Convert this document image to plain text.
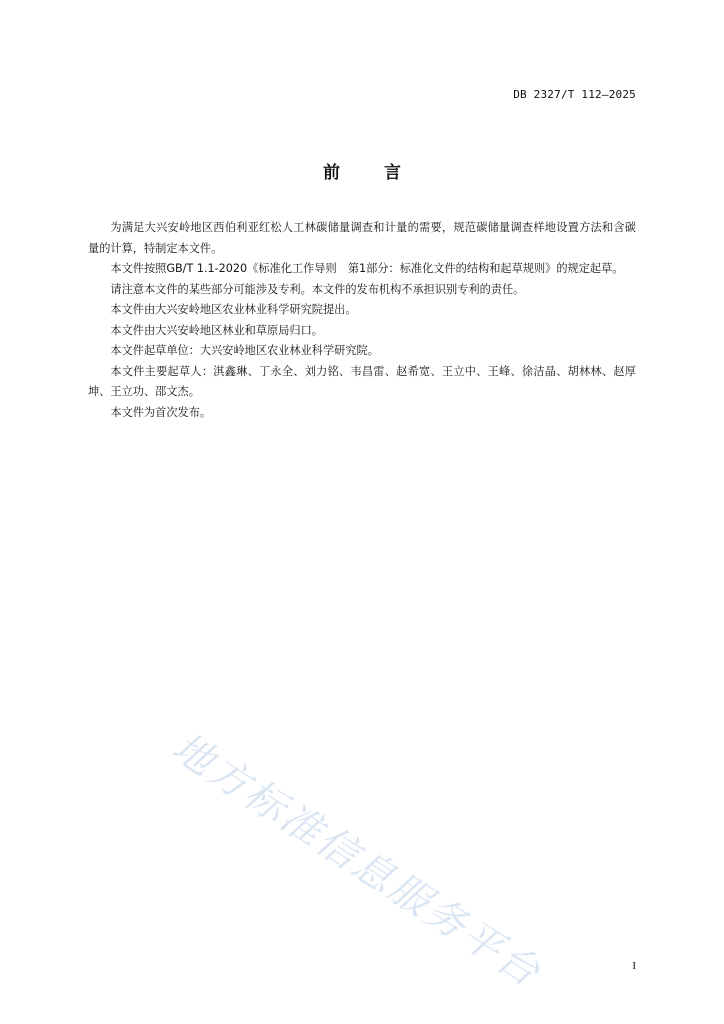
DB 2327/T 112—2025
前	言

为满足大兴安岭地区西伯利亚红松人工林碳储量调查和计量的需要，规范碳储量调查样地设置方法和含碳量的计算，特制定本文件。

本文件按照GB/T 1.1-2020《标准化工作导则　第1部分：标准化文件的结构和起草规则》的规定起草。

请注意本文件的某些部分可能涉及专利。本文件的发布机构不承担识别专利的责任。

本文件由大兴安岭地区农业林业科学研究院提出。

本文件由大兴安岭地区林业和草原局归口。

本文件起草单位：大兴安岭地区农业林业科学研究院。

本文件主要起草人：淇鑫琳、丁永全、刘力铭、韦昌雷、赵希宽、王立中、王峰、徐洁晶、胡林林、赵厚坤、王立功、邵文杰。

本文件为首次发布。

地方标准信息服务平台	I
